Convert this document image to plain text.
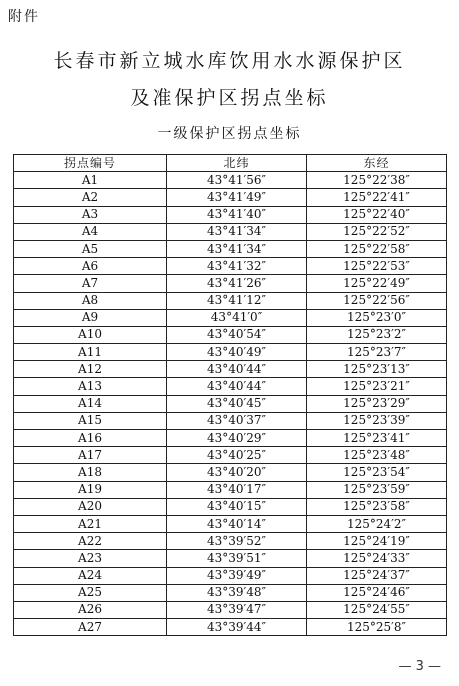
附件
长春市新立城水库饮用水水源保护区
及准保护区拐点坐标
一级保护区拐点坐标
拐点编号	北纬	东经
A1	43°41′56″	125°22′38″
A2	43°41′49″	125°22′41″
A3	43°41′40″	125°22′40″
A4	43°41′34″	125°22′52″
A5	43°41′34″	125°22′58″
A6	43°41′32″	125°22′53″
A7	43°41′26″	125°22′49″
A8	43°41′12″	125°22′56″
A9	43°41′0″	125°23′0″
A10	43°40′54″	125°23′2″
A11	43°40′49″	125°23′7″
A12	43°40′44″	125°23′13″
A13	43°40′44″	125°23′21″
A14	43°40′45″	125°23′29″
A15	43°40′37″	125°23′39″
A16	43°40′29″	125°23′41″
A17	43°40′25″	125°23′48″
A18	43°40′20″	125°23′54″
A19	43°40′17″	125°23′59″
A20	43°40′15″	125°23′58″
A21	43°40′14″	125°24′2″
A22	43°39′52″	125°24′19″
A23	43°39′51″	125°24′33″
A24	43°39′49″	125°24′37″
A25	43°39′48″	125°24′46″
A26	43°39′47″	125°24′55″
A27	43°39′44″	125°25′8″
— 3 —
